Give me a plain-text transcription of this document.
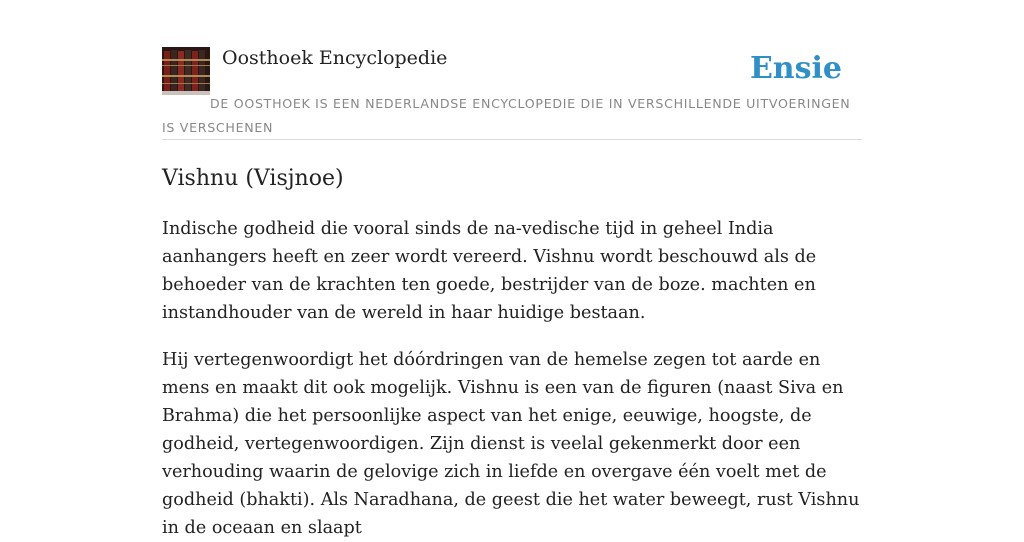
Oosthoek Encyclopedie	Ensie
DE OOSTHOEK IS EEN NEDERLANDSE ENCYCLOPEDIE DIE IN VERSCHILLENDE UITVOERINGEN IS VERSCHENEN
Vishnu (Visjnoe)

Indische godheid die vooral sinds de na-vedische tijd in geheel India aanhangers heeft en zeer wordt vereerd. Vishnu wordt beschouwd als de behoeder van de krachten ten goede, bestrijder van de boze. machten en instandhouder van de wereld in haar huidige bestaan.

Hij vertegenwoordigt het dóórdringen van de hemelse zegen tot aarde en mens en maakt dit ook mogelijk. Vishnu is een van de figuren (naast Siva en Brahma) die het persoonlijke aspect van het enige, eeuwige, hoogste, de godheid, vertegenwoordigen. Zijn dienst is veelal gekenmerkt door een verhouding waarin de gelovige zich in liefde en overgave één voelt met de godheid (bhakti). Als Naradhana, de geest die het water beweegt, rust Vishnu in de oceaan en slaapt
